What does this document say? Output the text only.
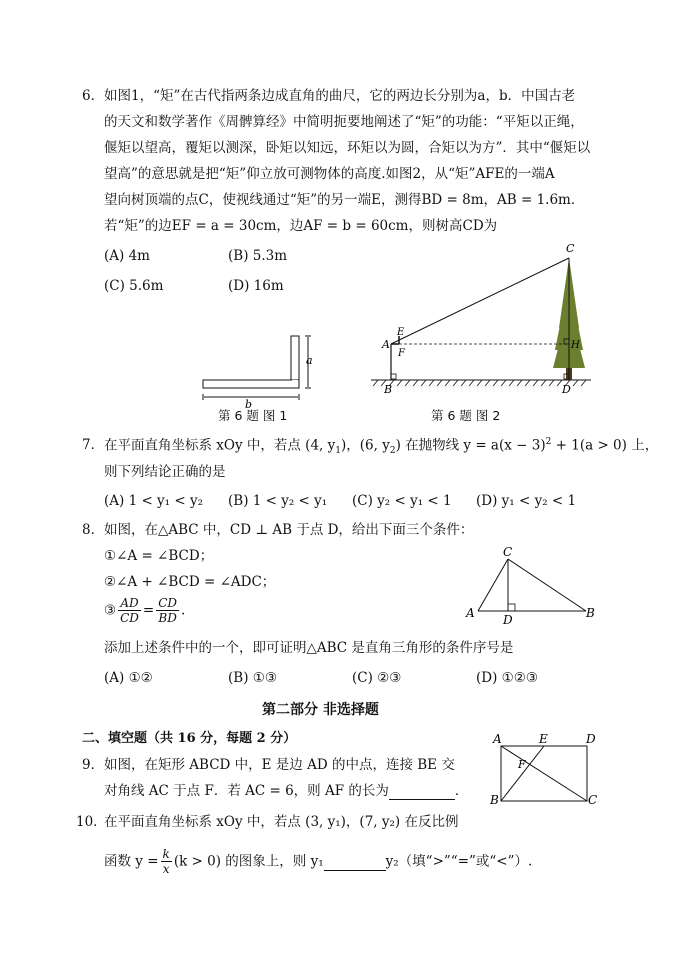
6． 如图1，“矩”在古代指两条边成直角的曲尺，它的两边长分别为a，b．中国古老
的天文和数学著作《周髀算经》中简明扼要地阐述了“矩”的功能：“平矩以正绳，
偃矩以望高，覆矩以测深，卧矩以知远，环矩以为圆，合矩以为方”．其中“偃矩以
望高”的意思就是把“矩”仰立放可测物体的高度.如图2，从“矩”AFE的一端A
望向树顶端的点C，使视线通过“矩”的另一端E，测得BD = 8m，AB = 1.6m．
若“矩”的边EF = a = 30cm，边AF = b = 60cm，则树高CD为
(A) 4m	(B) 5.3m
(C) 5.6m	(D) 16m
a
b
第 6 题 图 1
C
E
A
F
H
B	D
第 6 题 图 2
7． 在平面直角坐标系 xOy 中，若点 (4, $y_1$)，(6, $y_2$) 在抛物线 $y = a(x - 3)^2 + 1(a > 0)$ 上，
则下列结论正确的是
(A) 1 < y₁ < y₂ (B) 1 < y₂ < y₁ (C) y₂ < y₁ < 1 (D) y₁ < y₂ < 1
8． 如图，在△ABC 中，CD ⊥ AB 于点 D，给出下面三个条件：
①∠A = ∠BCD；
②∠A + ∠BCD = ∠ADC；
③ $\frac{AD}{CD} = \frac{CD}{BD}$ .
添加上述条件中的一个，即可证明△ABC 是直角三角形的条件序号是
(A) ①②	(B) ①③	(C) ②③	(D) ①②③
C
A D	B
第二部分 非选择题
二、填空题（共 16 分，每题 2 分）
9． 如图，在矩形 ABCD 中，E 是边 AD 的中点，连接 BE 交
对角线 AC 于点 F．若 AC = 6，则 AF 的长为	．
A	E	D
F
B	C
10．
在平面直角坐标系 xOy 中，若点 (3, y₁)，(7, y₂) 在反比例
函数 $y = \frac{k}{x} (k > 0)$ 的图象上，则 y₁	y₂（填“>”“=”或“<”）.
